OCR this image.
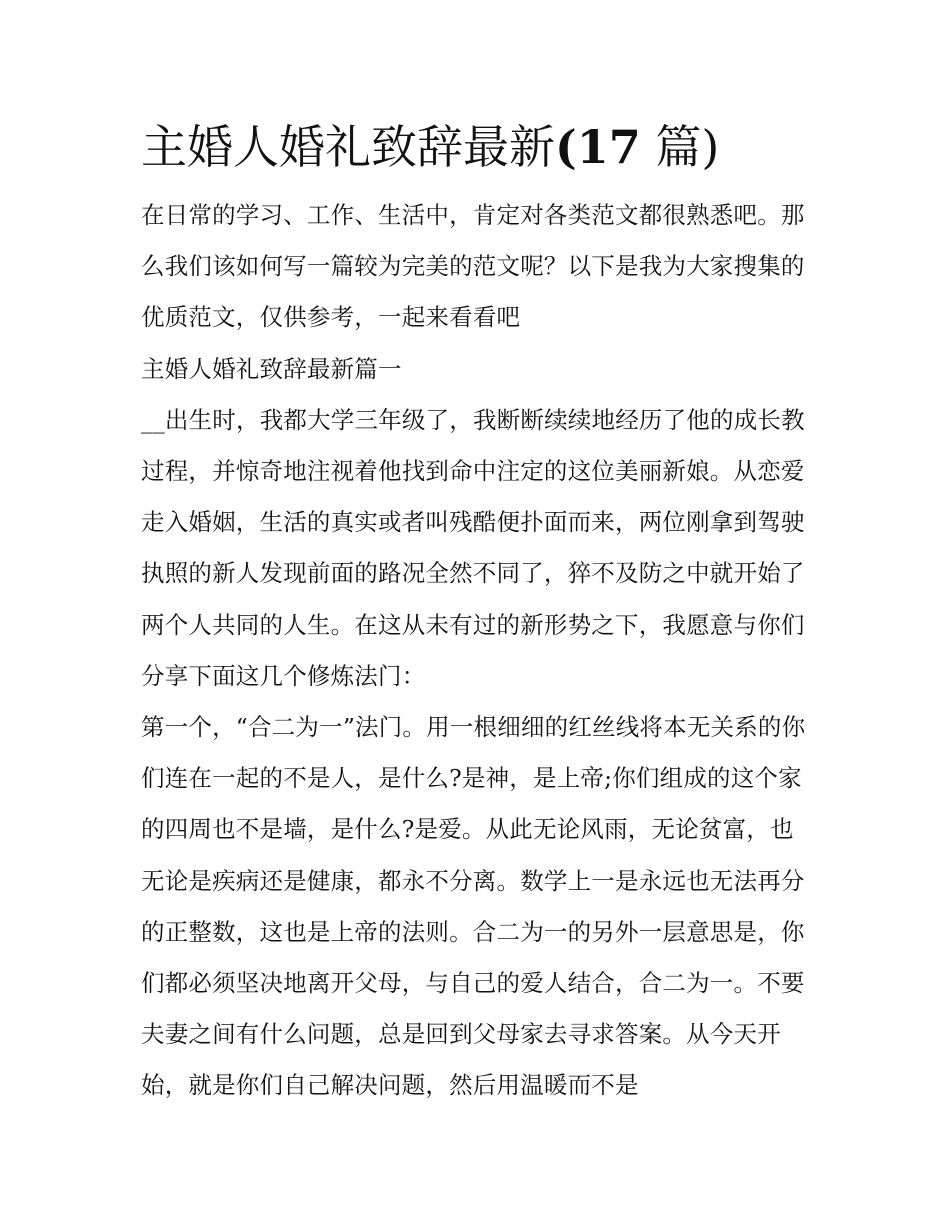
主婚人婚礼致辞最新(17 篇)

在日常的学习、工作、生活中，肯定对各类范文都很熟悉吧。那么我们该如何写一篇较为完美的范文呢？以下是我为大家搜集的优质范文，仅供参考，一起来看看吧

主婚人婚礼致辞最新篇一

__出生时，我都大学三年级了，我断断续续地经历了他的成长教过程，并惊奇地注视着他找到命中注定的这位美丽新娘。从恋爱走入婚姻，生活的真实或者叫残酷便扑面而来，两位刚拿到驾驶执照的新人发现前面的路况全然不同了，猝不及防之中就开始了两个人共同的人生。在这从未有过的新形势之下，我愿意与你们分享下面这几个修炼法门：

第一个，“合二为一”法门。用一根细细的红丝线将本无关系的你们连在一起的不是人，是什么?是神，是上帝;你们组成的这个家的四周也不是墙，是什么?是爱。从此无论风雨，无论贫富，也无论是疾病还是健康，都永不分离。数学上一是永远也无法再分的正整数，这也是上帝的法则。合二为一的另外一层意思是，你们都必须坚决地离开父母，与自己的爱人结合，合二为一。不要夫妻之间有什么问题，总是回到父母家去寻求答案。从今天开始，就是你们自己解决问题，然后用温暖而不是
